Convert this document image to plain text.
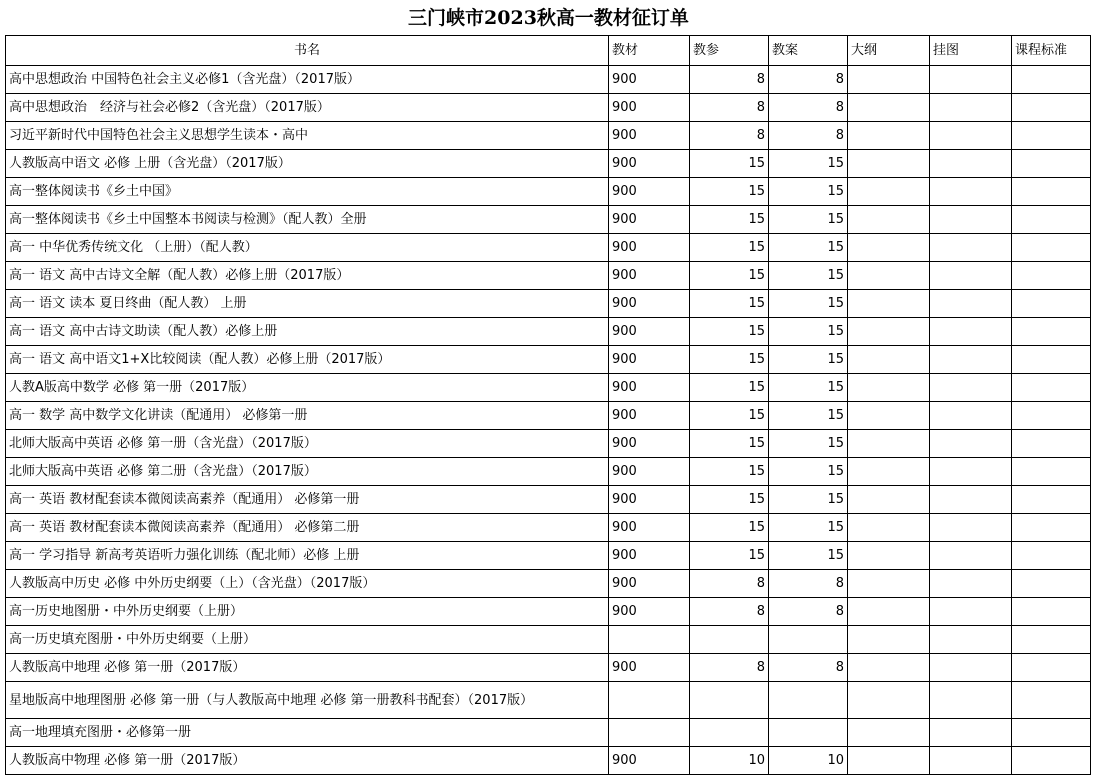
三门峡市2023秋高一教材征订单
书名	教材	教参	教案	大纲	挂图	课程标准
高中思想政治 中国特色社会主义必修1（含光盘）（2017版）	900	8	8			
高中思想政治　经济与社会必修2（含光盘）（2017版）	900	8	8			
习近平新时代中国特色社会主义思想学生读本・高中	900	8	8			
人教版高中语文 必修 上册（含光盘）（2017版）	900	15	15			
高一整体阅读书《乡土中国》	900	15	15			
高一整体阅读书《乡土中国整本书阅读与检测》（配人教）全册	900	15	15			
高一 中华优秀传统文化 （上册）（配人教）	900	15	15			
高一 语文 高中古诗文全解（配人教）必修上册（2017版）	900	15	15			
高一 语文 读本 夏日终曲（配人教） 上册	900	15	15			
高一 语文 高中古诗文助读（配人教）必修上册	900	15	15			
高一 语文 高中语文1+X比较阅读（配人教）必修上册（2017版）	900	15	15			
人教A版高中数学 必修 第一册（2017版）	900	15	15			
高一 数学 高中数学文化讲读（配通用） 必修第一册	900	15	15			
北师大版高中英语 必修 第一册（含光盘）（2017版）	900	15	15			
北师大版高中英语 必修 第二册（含光盘）（2017版）	900	15	15			
高一 英语 教材配套读本微阅读高素养（配通用） 必修第一册	900	15	15			
高一 英语 教材配套读本微阅读高素养（配通用） 必修第二册	900	15	15			
高一 学习指导 新高考英语听力强化训练（配北师）必修 上册	900	15	15			
人教版高中历史 必修 中外历史纲要（上）（含光盘）（2017版）	900	8	8			
高一历史地图册・中外历史纲要（上册）	900	8	8			
高一历史填充图册・中外历史纲要（上册）						
人教版高中地理 必修 第一册（2017版）	900	8	8			
星地版高中地理图册 必修 第一册（与人教版高中地理 必修 第一册教科书配套）（2017版）						
高一地理填充图册・必修第一册						
人教版高中物理 必修 第一册（2017版）	900	10	10			
